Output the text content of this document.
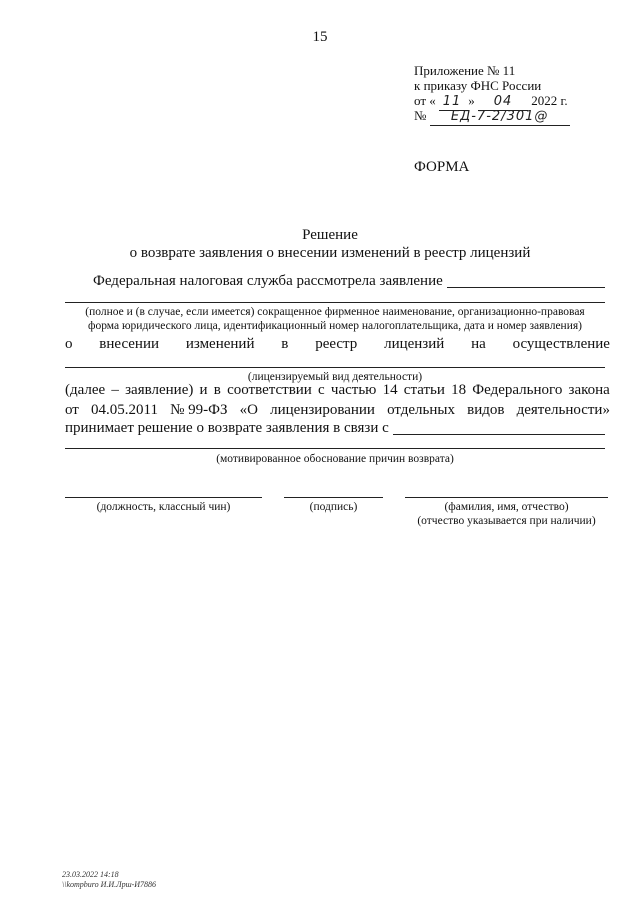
15
Приложение № 11
к приказу ФНС России
от « 11 » 04 2022 г.
№ ЕД-7-2/301@
ФОРМА
Решение
о возврате заявления о внесении изменений в реестр лицензий
Федеральная налоговая служба рассмотрела заявление
(полное и (в случае, если имеется) сокращенное фирменное наименование, организационно-правовая
форма юридического лица, идентификационный номер налогоплательщика, дата и номер заявления)
о внесении изменений в реестр лицензий на осуществление
(лицензируемый вид деятельности)
(далее – заявление) и в соответствии с частью 14 статьи 18 Федерального закона
от 04.05.2011 № 99-ФЗ «О лицензировании отдельных видов деятельности»
принимает решение о возврате заявления в связи с
(мотивированное обоснование причин возврата)
(должность, классный чин)	(подпись)	(фамилия, имя, отчество)
(отчество указывается при наличии)
23.03.2022 14:18
\\kompburo И.И.Лрш-И7886
